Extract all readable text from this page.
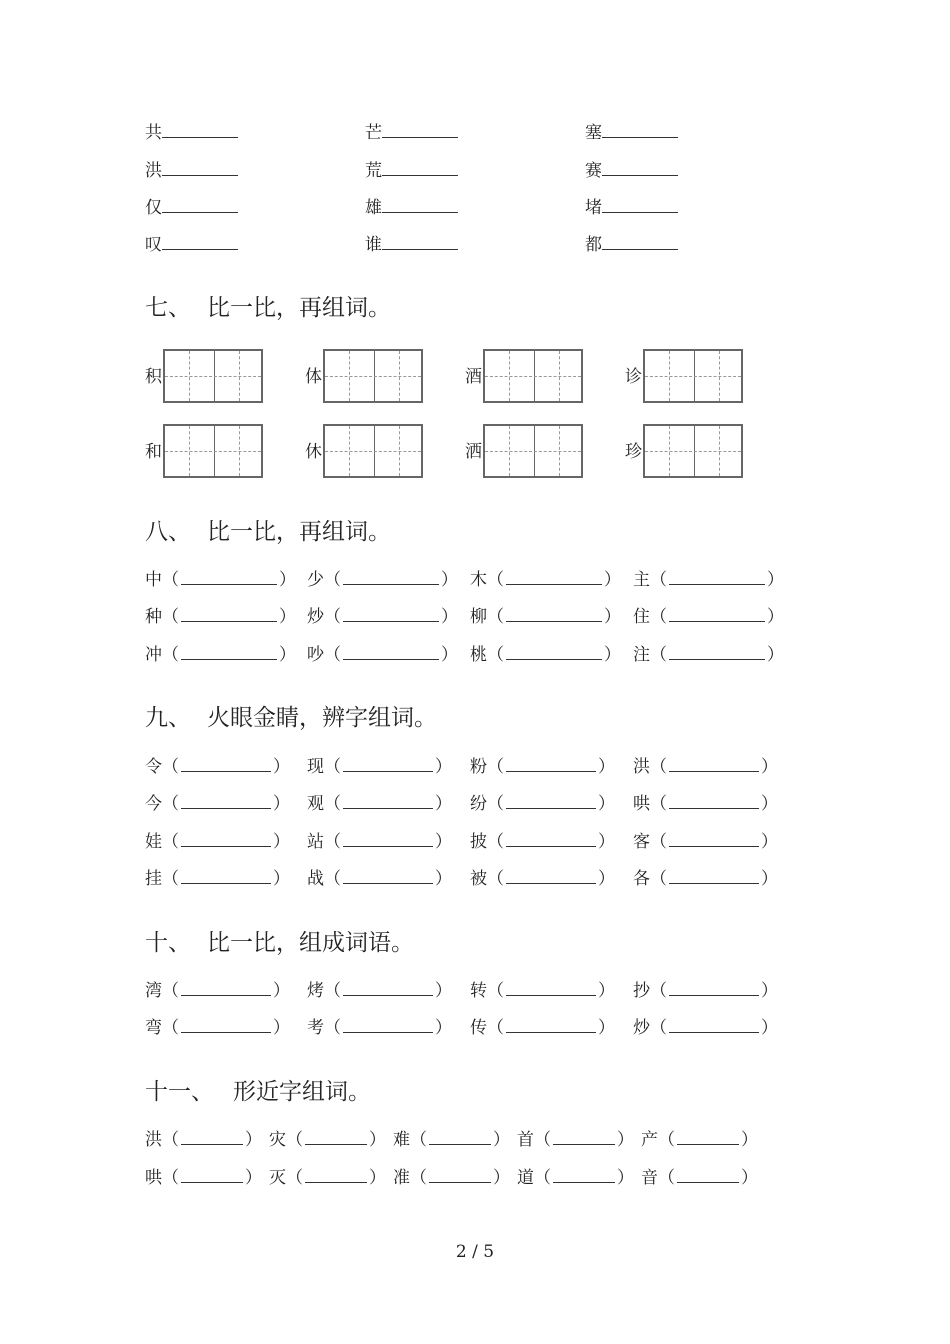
共	芒	塞
洪	荒	赛
仅	雄	堵
叹	谁	都
七、 比一比，再组词。
积	体	酒	诊
和	休	洒	珍
八、 比一比，再组词。
中（	） 少（	） 木（	） 主（	）
种（	） 炒（	） 柳（	） 住（	）
冲（	） 吵（	） 桃（	） 注（	）
九、 火眼金睛，辨字组词。
令（	） 现（	） 粉（	） 洪（	）
今（	） 观（	） 纷（	） 哄（	）
娃（	） 站（	） 披（	） 客（	）
挂（	） 战（	） 被（	） 各（	）
十、 比一比，组成词语。
湾（	） 烤（	） 转（	） 抄（	）
弯（	） 考（	） 传（	） 炒（	）
十一、 形近字组词。
洪（	） 灾（	） 难（	） 首（	） 产（	）
哄（	） 灭（	） 准（	） 道（	） 音（	）
2 / 5
